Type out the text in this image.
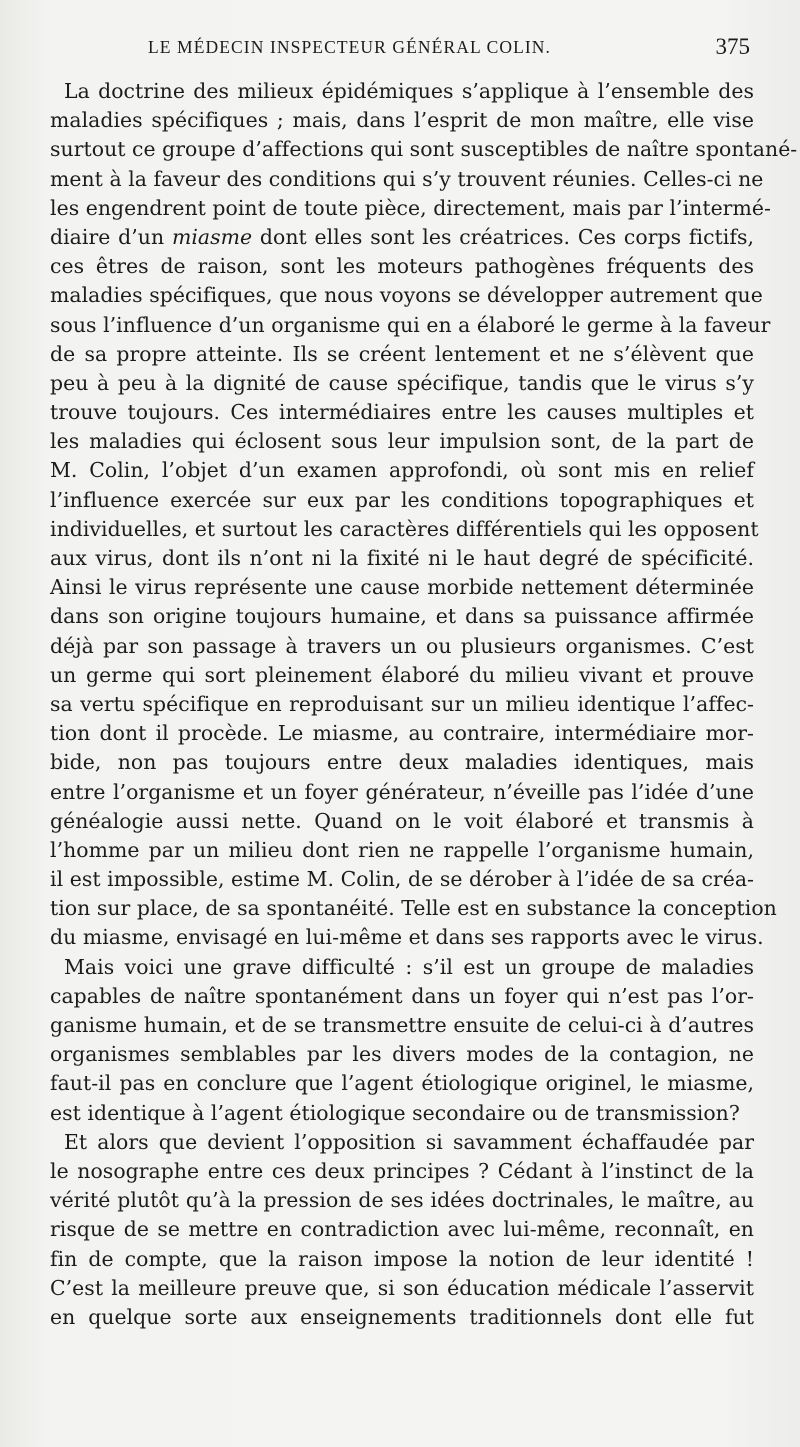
LE MÉDECIN INSPECTEUR GÉNÉRAL COLIN.	375
La doctrine des milieux épidémiques s’applique à l’ensemble des
maladies spécifiques ; mais, dans l’esprit de mon maître, elle vise
surtout ce groupe d’affections qui sont susceptibles de naître spontané-
ment à la faveur des conditions qui s’y trouvent réunies. Celles-ci ne
les engendrent point de toute pièce, directement, mais par l’intermé-
diaire d’un miasme dont elles sont les créatrices. Ces corps fictifs,
ces êtres de raison, sont les moteurs pathogènes fréquents des
maladies spécifiques, que nous voyons se développer autrement que
sous l’influence d’un organisme qui en a élaboré le germe à la faveur
de sa propre atteinte. Ils se créent lentement et ne s’élèvent que
peu à peu à la dignité de cause spécifique, tandis que le virus s’y
trouve toujours. Ces intermédiaires entre les causes multiples et
les maladies qui éclosent sous leur impulsion sont, de la part de
M. Colin, l’objet d’un examen approfondi, où sont mis en relief
l’influence exercée sur eux par les conditions topographiques et
individuelles, et surtout les caractères différentiels qui les opposent
aux virus, dont ils n’ont ni la fixité ni le haut degré de spécificité.
Ainsi le virus représente une cause morbide nettement déterminée
dans son origine toujours humaine, et dans sa puissance affirmée
déjà par son passage à travers un ou plusieurs organismes. C’est
un germe qui sort pleinement élaboré du milieu vivant et prouve
sa vertu spécifique en reproduisant sur un milieu identique l’affec-
tion dont il procède. Le miasme, au contraire, intermédiaire mor-
bide, non pas toujours entre deux maladies identiques, mais
entre l’organisme et un foyer générateur, n’éveille pas l’idée d’une
généalogie aussi nette. Quand on le voit élaboré et transmis à
l’homme par un milieu dont rien ne rappelle l’organisme humain,
il est impossible, estime M. Colin, de se dérober à l’idée de sa créa-
tion sur place, de sa spontanéité. Telle est en substance la conception
du miasme, envisagé en lui-même et dans ses rapports avec le virus.
Mais voici une grave difficulté : s’il est un groupe de maladies
capables de naître spontanément dans un foyer qui n’est pas l’or-
ganisme humain, et de se transmettre ensuite de celui-ci à d’autres
organismes semblables par les divers modes de la contagion, ne
faut-il pas en conclure que l’agent étiologique originel, le miasme,
est identique à l’agent étiologique secondaire ou de transmission?
Et alors que devient l’opposition si savamment échaffaudée par
le nosographe entre ces deux principes ? Cédant à l’instinct de la
vérité plutôt qu’à la pression de ses idées doctrinales, le maître, au
risque de se mettre en contradiction avec lui-même, reconnaît, en
fin de compte, que la raison impose la notion de leur identité !
C’est la meilleure preuve que, si son éducation médicale l’asservit
en quelque sorte aux enseignements traditionnels dont elle fut
